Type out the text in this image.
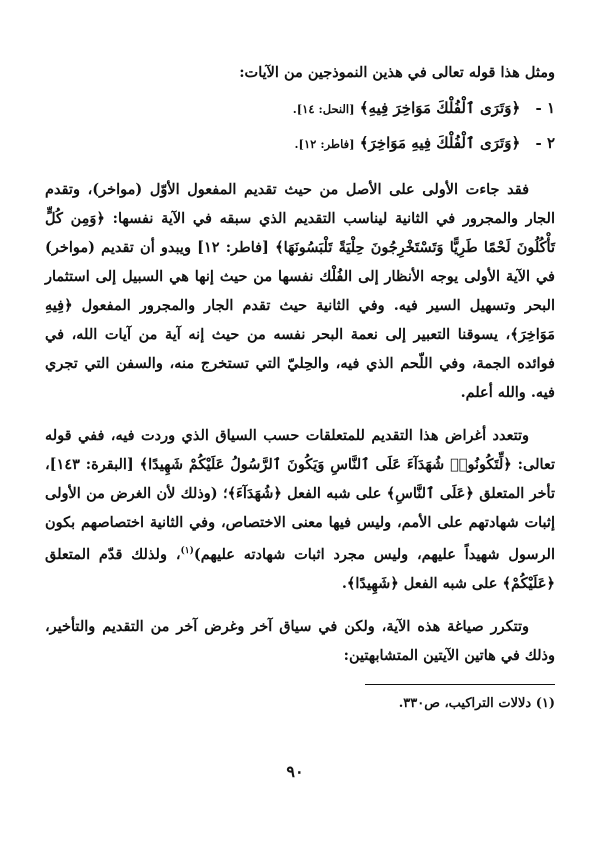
ومثل هذا قوله تعالى في هذين النموذجين من الآيات:

١ - ﴿وَتَرَى ٱلْفُلْكَ مَوَاخِرَ فِيهِ﴾ [النحل: ١٤].
٢ - ﴿وَتَرَى ٱلْفُلْكَ فِيهِ مَوَاخِرَ﴾ [فاطر: ١٢].

فقد جاءت الأولى على الأصل من حيث تقديم المفعول الأوّل (مواخر)، وتقدم الجار والمجرور في الثانية ليناسب التقديم الذي سبقه في الآية نفسها: ﴿وَمِن كُلٍّ تَأْكُلُونَ لَحْمًا طَرِيًّا وَتَسْتَخْرِجُونَ حِلْيَةً تَلْبَسُونَهَا﴾ [فاطر: ١٢] ويبدو أن تقديم (مواخر) في الآية الأولى يوجه الأنظار إلى الفُلْك نفسها من حيث إنها هي السبيل إلى استثمار البحر وتسهيل السير فيه. وفي الثانية حيث تقدم الجار والمجرور المفعول ﴿فِيهِ مَوَاخِرَ﴾، يسوقنا التعبير إلى نعمة البحر نفسه من حيث إنه آية من آيات الله، في فوائده الجمة، وفي اللّحم الذي فيه، والحِليّ التي تستخرج منه، والسفن التي تجري فيه. والله أعلم.

وتتعدد أغراض هذا التقديم للمتعلقات حسب السياق الذي وردت فيه، ففي قوله تعالى: ﴿لِّتَكُونُوا۟ شُهَدَآءَ عَلَى ٱلنَّاسِ وَيَكُونَ ٱلرَّسُولُ عَلَيْكُمْ شَهِيدًا﴾ [البقرة: ١٤٣]، تأخر المتعلق ﴿عَلَى ٱلنَّاسِ﴾ على شبه الفعل ﴿شُهَدَآءَ﴾؛ (وذلك لأن الغرض من الأولى إثبات شهادتهم على الأمم، وليس فيها معنى الاختصاص، وفي الثانية اختصاصهم بكون الرسول شهيداً عليهم، وليس مجرد اثبات شهادته عليهم)$^{(١)}$، ولذلك قدّم المتعلق ﴿عَلَيْكُمْ﴾ على شبه الفعل ﴿شَهِيدًا﴾.

وتتكرر صياغة هذه الآية، ولكن في سياق آخر وغرض آخر من التقديم والتأخير، وذلك في هاتين الآيتين المتشابهتين:

(١) دلالات التراكيب، ص٣٣٠.
٩٠
